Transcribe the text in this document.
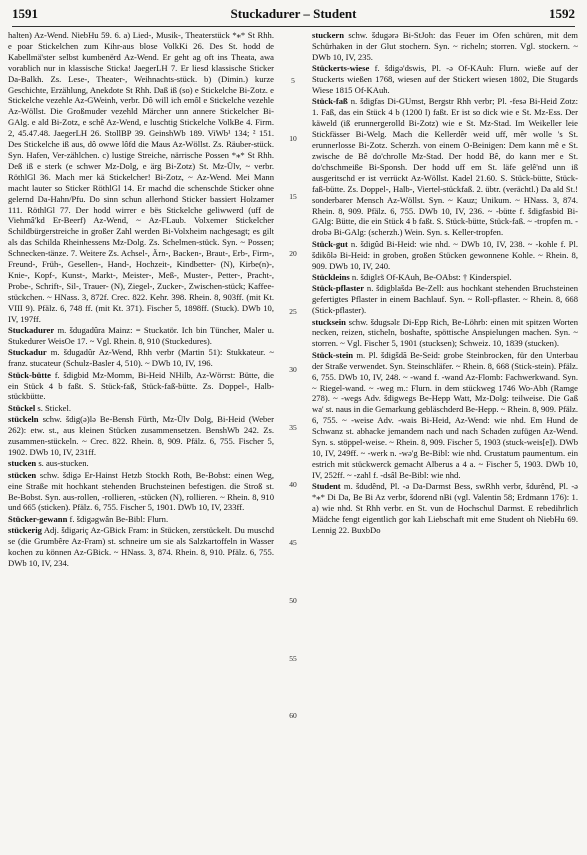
1591	Stuckadurer – Student	1592

halten) Az-Wend. NiebHu 59. 6. a) Lied-, Musik-, Theaterstück *⁎* St Rhh. e poar Stickelchen zum Kihr-aus blose VolkKi 26. Des St. hodd de Kabellmä'ster selbst kumbenërd Az-Wend. Er geht ag oft ins Theata, awa vorablich nur in klassische Sticka! JaegerLH 7. Er liesd klassische Sticker Da-Balkh. Zs. Lese-, Theater-, Weihnachts-stück. b) (Dimin.) kurze Geschichte, Erzählung, Anekdote St Rhh. Daß iß (so) e Stickelche Bi-Zotz. e Stickelche vezehle Az-GWeinh, verbr. Dô will ich emôl e Stickelche vezehle Az-Wöllst. Die Großmuder vezehld Märcher unn annere Stickelcher Bi-GAlg. e ald Bi-Zotz, e schê Az-Wend, e luschtig Stickelche VolkBe 4. Firm. 2, 45.47.48. JaegerLH 26. StollBP 39. GeinshWb 189. ViWb¹ 134; ² 151. Des Stickelche iß aus, dô owwe lôfd die Maus Az-Wöllst. Zs. Räuber-stück. Syn. Hafen, Ver-zählchen. c) lustige Streiche, närrische Possen *⁎* St Rhh. Deß iß e sterk (e schwer Mz-Dolg, e ärg Bi-Zotz) St. Mz-Ülv, ~ verbr. RöthlGl 36. Mach mer kä Stickelcher! Bi-Zotz, ~ Az-Wend. Mei Mann macht lauter so Sticker RöthlGl 14. Er machd die schenschde Sticker ohne gelernd Da-Hahn/Pfu. Do sinn schun allerhond Sticker bassiert Holzamer 111. RöthlGl 77. Der hodd wirrer e bës Stickelche geliwwerd (uff de Viehmâ'kd Er-Beerf) Az-Wend, ~ Az-FLaub. Volxemer Stickelcher Schildbürgerstreiche in großer Zahl werden Bi-Volxheim nachgesagt; es gilt als das Schilda Rheinhessens Mz-Dolg. Zs. Schelmen-stück. Syn. ~ Possen; Schnecken-tänze. 7. Weitere Zs. Achsel-, Ärn-, Backen-, Braut-, Erb-, Firm-, Freund-, Früh-, Gesellen-, Hand-, Hochzeit-, Kindbetter- (N), Kirbe(n)-, Knie-, Kopf-, Kunst-, Markt-, Meister-, Meß-, Muster-, Petter-, Pracht-, Probe-, Schrift-, Sil-, Trauer- (N), Ziegel-, Zucker-, Zwischen-stück; Kaffee-stückchen. ~ HNass. 3, 872f. Crec. 822. Kehr. 398. Rhein. 8, 903ff. (mit Kt. VIII 9). Pfälz. 6, 748 ff. (mit Kt. 371). Fischer 5, 1898ff. (Stuck). DWb 10, IV, 197ff.

Stuckadurer m. šdugadûra Mainz: = Stuckatör. Ich bin Tüncher, Maler u. Stukedurer WeisOe 17. ~ Vgl. Rhein. 8, 910 (Stuckedures).

Stuckadur m. šdugadûr Az-Wend, Rhh verbr (Martin 51): Stukkateur. ~ franz. stucateur (Schulz-Basler 4, 510). ~ DWb 10, IV, 196.

Stück-bütte f. šdigbid Mz-Momm, Bi-Heid NHilb, Az-Wörrst: Bütte, die ein Stück 4 b faßt. S. Stück-faß, Stück-faß-bütte. Zs. Doppel-, Halb-stückbütte.

Stückel s. Stickel.

stückeln schw. šdig(ə)lə Be-Bensh Fürth, Mz-Ülv Dolg, Bi-Heid (Weber 262): etw. st., aus kleinen Stücken zusammensetzen. BenshWb 242. Zs. zusammen-stückeln. ~ Crec. 822. Rhein. 8, 909. Pfälz. 6, 755. Fischer 5, 1902. DWb 10, IV, 231ff.

stucken s. aus-stucken.

stücken schw. šdigə Er-Hainst Hetzb Stockh Roth, Be-Bobst: einen Weg, eine Straße mit hochkant stehenden Bruchsteinen befestigen. die Stroß st. Be-Bobst. Syn. aus-rollen, -rollieren, -stücken (N), rollieren. ~ Rhein. 8, 910 und 665 (sticken). Pfälz. 6, 755. Fischer 5, 1901. DWb 10, IV, 233ff.

Stücker-gewann f. šdigəgwân Be-Bibl: Flurn.

stückerig Adj. šdigəriç Az-GBick Fram: in Stücken, zerstückelt. Du muschd se (die Grumbêre Az-Fram) st. schneire um sie als Salzkartoffeln in Wasser kochen zu können Az-GBick. ~ HNass. 3, 874. Rhein. 8, 910. Pfälz. 6, 755. DWb 10, IV, 234.

5
10
15
20
25
30
35
40
45
50
55
60

stuckern schw. šdugərə Bi-StJoh: das Feuer im Ofen schüren, mit dem Schürhaken in der Glut stochern. Syn. ~ richeln; storren. Vgl. stockern. ~ DWb 10, IV, 235.

Stückerts-wiese f. šdigə'dswis, Pl. -ə Of-KAuh: Flurn. wieße auf der Stuckerts wießen 1768, wiesen auf der Stickert wiesen 1802, Die Stugards Wiese 1815 Of-KAuh.

Stück-faß n. šdigfas Di-GUmst, Bergstr Rhh verbr; Pl. -fesə Bi-Heid Zotz: 1. Faß, das ein Stück 4 b (1200 l) faßt. Er ist so dick wie e St. Mz-Ess. Der käweld (iß erunnergerolld Bi-Zotz) wie e St. Mz-Stad. Im Weikeller leie Stickfässer Bi-Welg. Mach die Kellerdêr weid uff, mêr wolle 's St. erunnerlosse Bi-Zotz. Scherzh. von einem O-Beinigen: Dem kann mê e St. zwische de Bê do'chrolle Mz-Stad. Der hodd Bê, do kann mer e St. do'chschmeiße Bi-Sponsh. Der hodd uff em St. läfe gelê'nd unn iß ausgeritschd er ist verrückt Az-Wöllst. Kadel 21.60. S. Stück-bütte, Stück-faß-bütte. Zs. Doppel-, Halb-, Viertel-stückfaß. 2. übtr. (verächtl.) Da ald St.! sonderbarer Mensch Az-Wöllst. Syn. ~ Kauz; Unikum. ~ HNass. 3, 874. Rhein. 8, 909. Pfälz. 6, 755. DWb 10, IV, 236. ~ -bütte f. šdigfasbid Bi-GAlg: Bütte, die ein Stück 4 b faßt. S. Stück-bütte, Stück-faß. ~ -tropfen m. -drobə Bi-GAlg: (scherzh.) Wein. Syn. s. Keller-tropfen.

Stück-gut n. šdigûd Bi-Heid: wie nhd. ~ DWb 10, IV, 238. ~ -kohle f. Pl. šdikôlə Bi-Heid: in groben, großen Stücken gewonnene Kohle. ~ Rhein. 8, 909. DWb 10, IV, 240.

Stückleins n. šdiglɛ̃s Of-KAuh, Be-OAbst: † Kinderspiel.

Stück-pflaster n. šdigblašdə Be-Zell: aus hochkant stehenden Bruchsteinen gefertigtes Pflaster in einem Bachlauf. Syn. ~ Roll-pflaster. ~ Rhein. 8, 668 (Stick-pflaster).

stucksein schw. šdugsəlɛ Di-Epp Rich, Be-Löhrb: einen mit spitzen Worten necken, reizen, sticheln, boshafte, spöttische Anspielungen machen. Syn. ~ storren. ~ Vgl. Fischer 5, 1901 (stucksen); Schweiz. 10, 1839 (stucken).

Stück-stein m. Pl. šdigšdã Be-Seid: grobe Steinbrocken, für den Unterbau der Straße verwendet. Syn. Steinschläfer. ~ Rhein. 8, 668 (Stick-stein). Pfälz. 6, 755. DWb 10, IV, 248. ~ -wand f. -wand Az-Flomb: Fachwerkwand. Syn. ~ Riegel-wand. ~ -weg m.: Flurn. in dem stückweg 1746 Wo-Abh (Ramge 278). ~ -wegs Adv. šdigwegs Be-Hepp Watt, Mz-Dolg: teilweise. Die Gaß wa' st. naus in die Gemarkung gebläschderd Be-Hepp. ~ Rhein. 8, 909. Pfälz. 6, 755. ~ -weise Adv. -wais Bi-Heid, Az-Wend: wie nhd. Em Hund de Schwanz st. abhacke jemandem nach und nach Schaden zufügen Az-Wend. Syn. s. stöppel-weise. ~ Rhein. 8, 909. Fischer 5, 1903 (stuck-weis[e]). DWb 10, IV, 249ff. ~ -werk n. -wə'g Be-Bibl: wie nhd. Crustatum paumentum. ein estrich mit stückwerck gemacht Alberus a 4 a. ~ Fischer 5, 1903. DWb 10, IV, 252ff. ~ -zahl f. -dsâl Be-Bibl: wie nhd.

Student m. šdudênd, Pl. -ə Da-Darmst Bess, swRhh verbr, šdurênd, Pl. -ə *⁎* Di Da, Be Bi Az verbr, šdorend nBi (vgl. Valentin 58; Erdmann 176): 1. a) wie nhd. St Rhh verbr. en St. vun de Hochschul Darmst. E rebedihrlich Mädche fengt eigentlich gor kah Liebschaft mit eme Student oh NiebHu 69. Lennig 22. BuxbDo
